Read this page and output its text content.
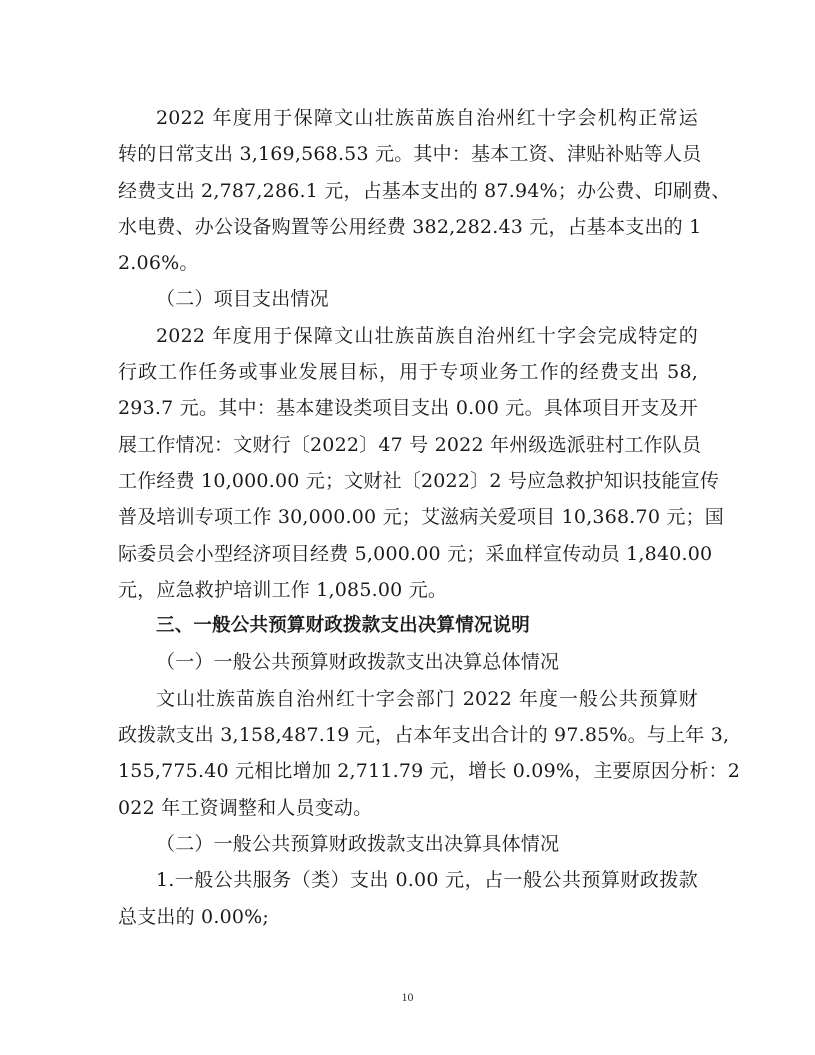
2022 年度用于保障文山壮族苗族自治州红十字会机构正常运
转的日常支出 3,169,568.53 元。其中：基本工资、津贴补贴等人员
经费支出 2,787,286.1 元，占基本支出的 87.94%；办公费、印刷费、
水电费、办公设备购置等公用经费 382,282.43 元，占基本支出的 1
2.06%。
（二）项目支出情况
2022 年度用于保障文山壮族苗族自治州红十字会完成特定的
行政工作任务或事业发展目标，用于专项业务工作的经费支出 58,
293.7 元。其中：基本建设类项目支出 0.00 元。具体项目开支及开
展工作情况：文财行〔2022〕47 号 2022 年州级选派驻村工作队员
工作经费 10,000.00 元；文财社〔2022〕2 号应急救护知识技能宣传
普及培训专项工作 30,000.00 元；艾滋病关爱项目 10,368.70 元；国
际委员会小型经济项目经费 5,000.00 元；采血样宣传动员 1,840.00
元，应急救护培训工作 1,085.00 元。
三、一般公共预算财政拨款支出决算情况说明
（一）一般公共预算财政拨款支出决算总体情况
文山壮族苗族自治州红十字会部门 2022 年度一般公共预算财
政拨款支出 3,158,487.19 元，占本年支出合计的 97.85%。与上年 3,
155,775.40 元相比增加 2,711.79 元，增长 0.09%，主要原因分析：2
022 年工资调整和人员变动。
（二）一般公共预算财政拨款支出决算具体情况
1.一般公共服务（类）支出 0.00 元，占一般公共预算财政拨款
总支出的 0.00%;
10
